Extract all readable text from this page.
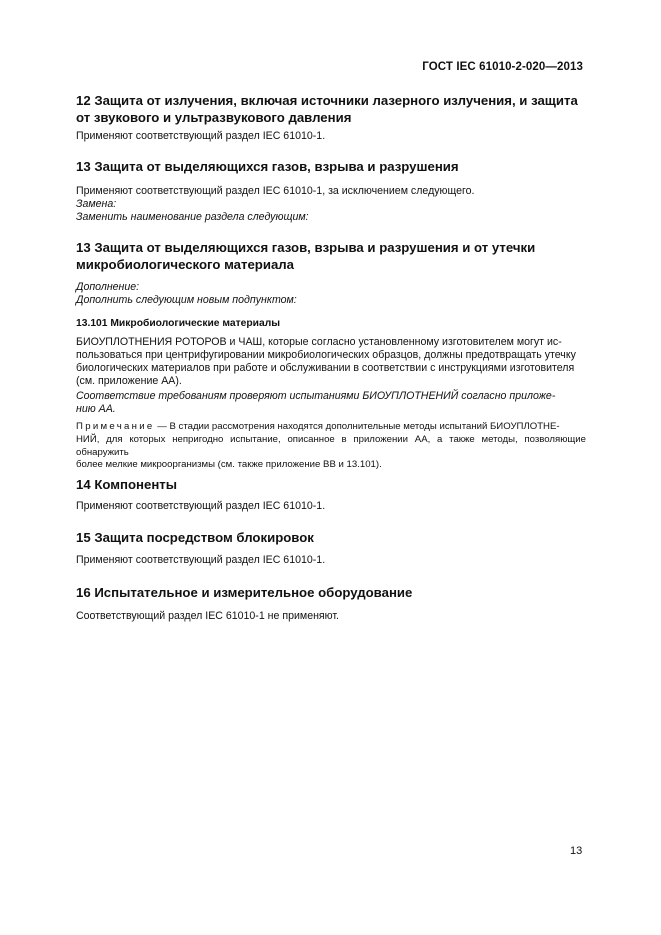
ГОСТ IEC 61010-2-020—2013

12 Защита от излучения, включая источники лазерного излучения, и защита
от звукового и ультразвукового давления

Применяют соответствующий раздел IEC 61010-1.

13 Защита от выделяющихся газов, взрыва и разрушения

Применяют соответствующий раздел IEC 61010-1, за исключением следующего.

Замена:

Заменить наименование раздела следующим:

13 Защита от выделяющихся газов, взрыва и разрушения и от утечки
микробиологического материала

Дополнение:

Дополнить следующим новым подпунктом:

13.101 Микробиологические материалы

БИОУПЛОТНЕНИЯ РОТОРОВ и ЧАШ, которые согласно установленному изготовителем могут ис-
пользоваться при центрифугировании микробиологических образцов, должны предотвращать утечку
биологических материалов при работе и обслуживании в соответствии с инструкциями изготовителя
(см. приложение АА).
Соответствие требованиям проверяют испытаниями БИОУПЛОТНЕНИЙ согласно приложе-
нию АА.
Примечание — В стадии рассмотрения находятся дополнительные методы испытаний БИОУПЛОТНЕ-
НИЙ, для которых непригодно испытание, описанное в приложении АА, а также методы, позволяющие обнаружить
более мелкие микроорганизмы (см. также приложение ВВ и 13.101).

14 Компоненты

Применяют соответствующий раздел IEC 61010-1.

15 Защита посредством блокировок

Применяют соответствующий раздел IEC 61010-1.

16 Испытательное и измерительное оборудование

Соответствующий раздел IEC 61010-1 не применяют.

13
